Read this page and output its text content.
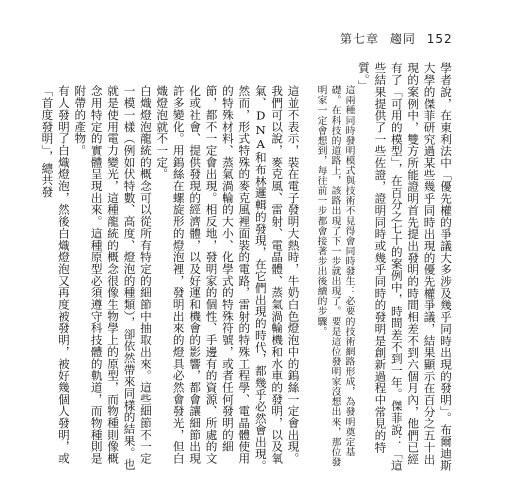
第七章 趨同 152

學者說，在東利法中「優先權的爭議大多涉及幾乎同時出現的發明」。布爾迪斯大學的傑菲研究過某些幾乎同時出現的優先權爭議，結果顯示在百分之五十出現的案例中，雙方所能證明首先提出發明的時間相差不到六個月內，他們已經有了「可用的模型」，在百分之七十的案例中，時間差不到一年。傑菲說：「這些結果提供了一些佐證，證明同時或幾乎同時的發明是創新過程中常見的特質。」

這兩種同時發明模式與技術不見得會同時發生：必要的技術網路形成，為發明奠定基礎。在科技的道路上，該路出現了下一步就出現了。要是這位發明家沒想出來，那位發明家一定會想到，每往前一步都會接著步出後續的步驟。

這並不表示，裝在電子發明大熱時，牛奶白色燈泡中的鎢絲一定會出現。我們可以說，麥克風、雷射、電晶體、蒸氣渦輪機和水車的發明，以及氧氣、DNA和布林邏輯的發現，在它們出現的時代，都幾乎必然會出現。然而，形式特殊的麥克風裡面裝的電路，雷射的特殊工程學、電晶體使用的特殊材料、蒸氣渦輪的大小、化學式的特殊符號，或者任何發明的細節，都不一定會出現。相反地，發明家的個性、手邊有的資源、所處的文化或社會、提供發現的經濟體，以及好運和機會的影響，都會讓細節出現許多變化。用鎢絲在螺旋形的燈泡裡，發明出來的燈具必然會發光，但白熾燈泡就不一定。

白熾燈泡龍統的概念可以從所有特定的細節中抽取出來。這些細節不一定一模一樣（例如伏特數、高度、燈泡的種類），卻依然帶來同樣的結果。也就是使用電力變光，這種龍統的概念很像生物學上的原型，而物種則像概念用特定的實體呈現出來。這種原型必須遵守科技體的軌道，而物種則是附帶的產物。

有人發明了白熾燈泡，然後白熾燈泡又再度被發明，被好幾個人發明，或「首度發明」，總共發
